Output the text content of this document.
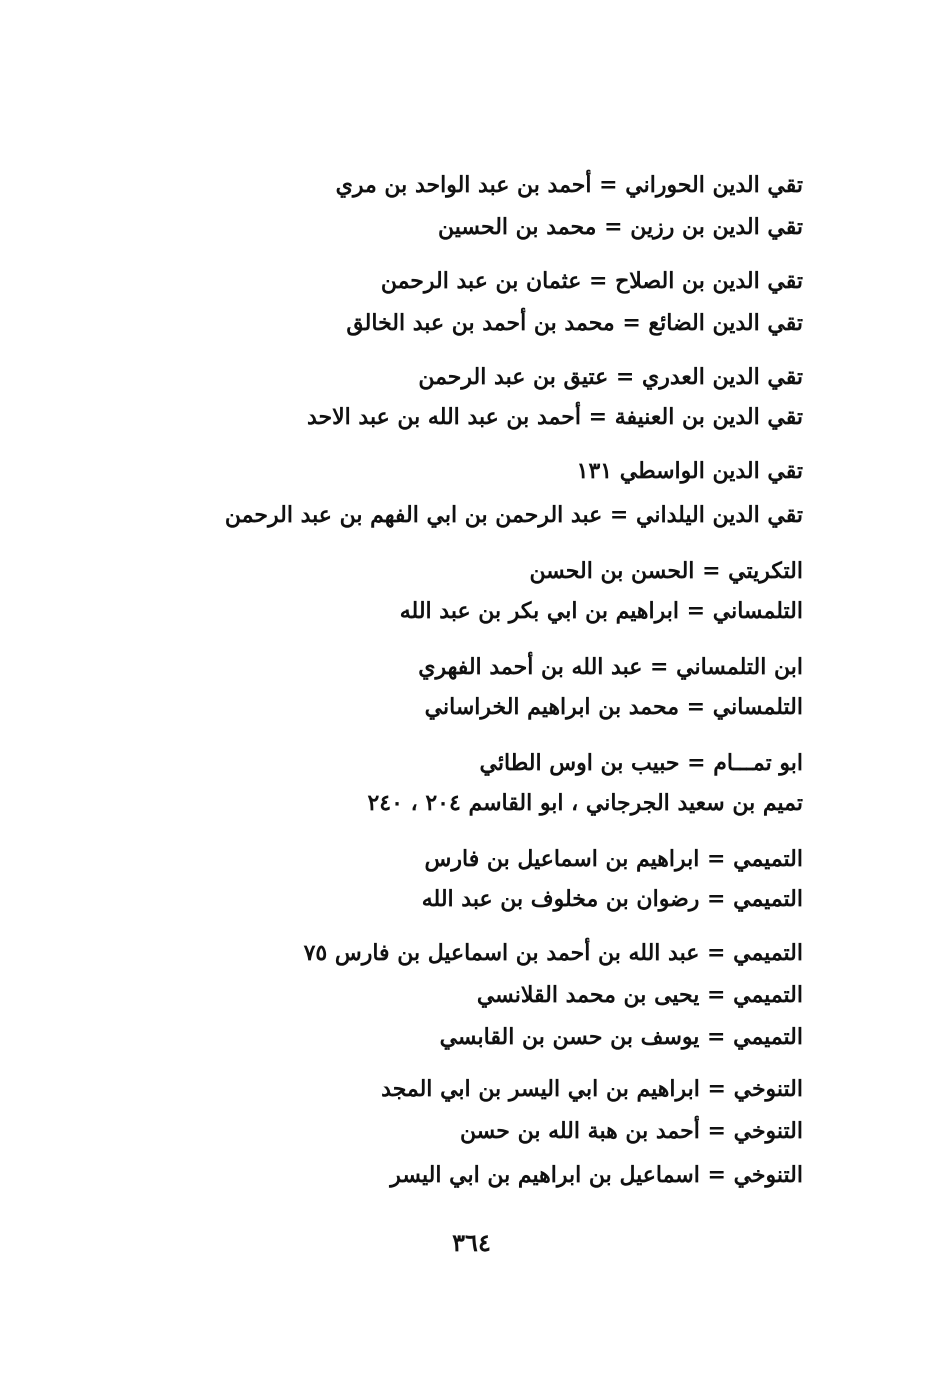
تقي الدين الحوراني = أحمد بن عبد الواحد بن مري
تقي الدين بن رزين = محمد بن الحسين
تقي الدين بن الصلاح = عثمان بن عبد الرحمن
تقي الدين الضائع = محمد بن أحمد بن عبد الخالق
تقي الدين العدري = عتيق بن عبد الرحمن
تقي الدين بن العنيفة = أحمد بن عبد الله بن عبد الاحد
تقي الدين الواسطي ١٣١
تقي الدين اليلداني = عبد الرحمن بن ابي الفهم بن عبد الرحمن
التكريتي = الحسن بن الحسن
التلمساني = ابراهيم بن ابي بكر بن عبد الله
ابن التلمساني = عبد الله بن أحمد الفهري
التلمساني = محمد بن ابراهيم الخراساني
ابو تمـــام = حبيب بن اوس الطائي
تميم بن سعيد الجرجاني ، ابو القاسم ٢٠٤ ، ٢٤٠
التميمي = ابراهيم بن اسماعيل بن فارس
التميمي = رضوان بن مخلوف بن عبد الله
التميمي = عبد الله بن أحمد بن اسماعيل بن فارس ٧٥
التميمي = يحيى بن محمد القلانسي
التميمي = يوسف بن حسن بن القابسي
التنوخي = ابراهيم بن ابي اليسر بن ابي المجد
التنوخي = أحمد بن هبة الله بن حسن
التنوخي = اسماعيل بن ابراهيم بن ابي اليسر
٣٦٤
